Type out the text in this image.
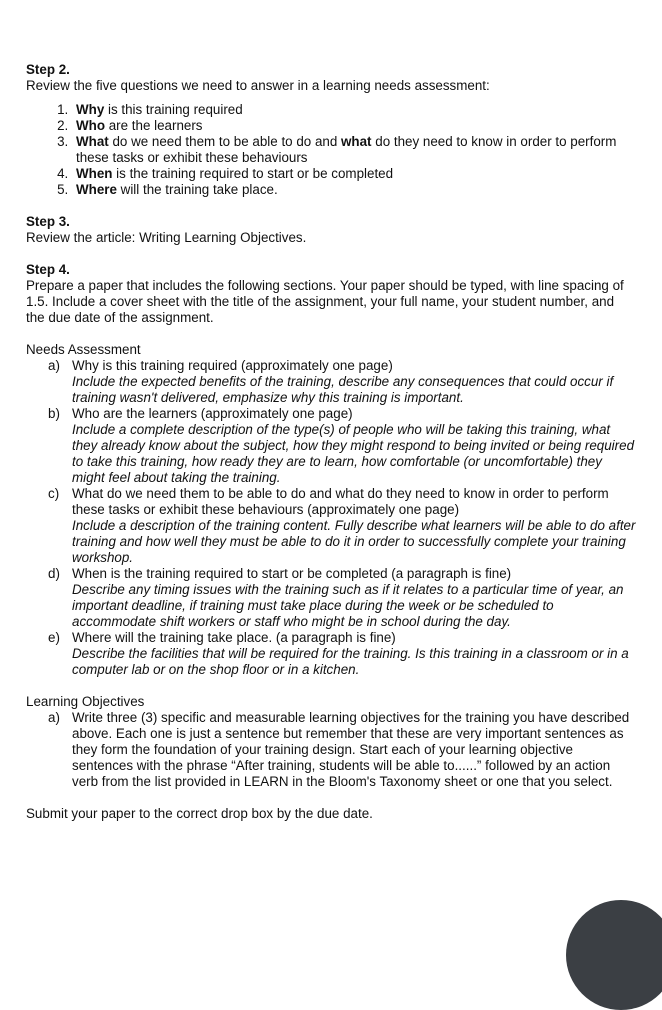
Step 2.
Review the five questions we need to answer in a learning needs assessment:
1. Why is this training required
2. Who are the learners
3. What do we need them to be able to do and what do they need to know in order to perform these tasks or exhibit these behaviours
4. When is the training required to start or be completed
5. Where will the training take place.
Step 3.
Review the article: Writing Learning Objectives.
Step 4.
Prepare a paper that includes the following sections. Your paper should be typed, with line spacing of 1.5. Include a cover sheet with the title of the assignment, your full name, your student number, and the due date of the assignment.
Needs Assessment
a) Why is this training required (approximately one page)
Include the expected benefits of the training, describe any consequences that could occur if training wasn't delivered, emphasize why this training is important.
b) Who are the learners (approximately one page)
Include a complete description of the type(s) of people who will be taking this training, what they already know about the subject, how they might respond to being invited or being required to take this training, how ready they are to learn, how comfortable (or uncomfortable) they might feel about taking the training.
c) What do we need them to be able to do and what do they need to know in order to perform these tasks or exhibit these behaviours (approximately one page)
Include a description of the training content. Fully describe what learners will be able to do after training and how well they must be able to do it in order to successfully complete your training workshop.
d) When is the training required to start or be completed (a paragraph is fine)
Describe any timing issues with the training such as if it relates to a particular time of year, an important deadline, if training must take place during the week or be scheduled to accommodate shift workers or staff who might be in school during the day.
e) Where will the training take place. (a paragraph is fine)
Describe the facilities that will be required for the training. Is this training in a classroom or in a computer lab or on the shop floor or in a kitchen.
Learning Objectives
a) Write three (3) specific and measurable learning objectives for the training you have described above. Each one is just a sentence but remember that these are very important sentences as they form the foundation of your training design. Start each of your learning objective sentences with the phrase “After training, students will be able to......” followed by an action verb from the list provided in LEARN in the Bloom's Taxonomy sheet or one that you select.
Submit your paper to the correct drop box by the due date.
